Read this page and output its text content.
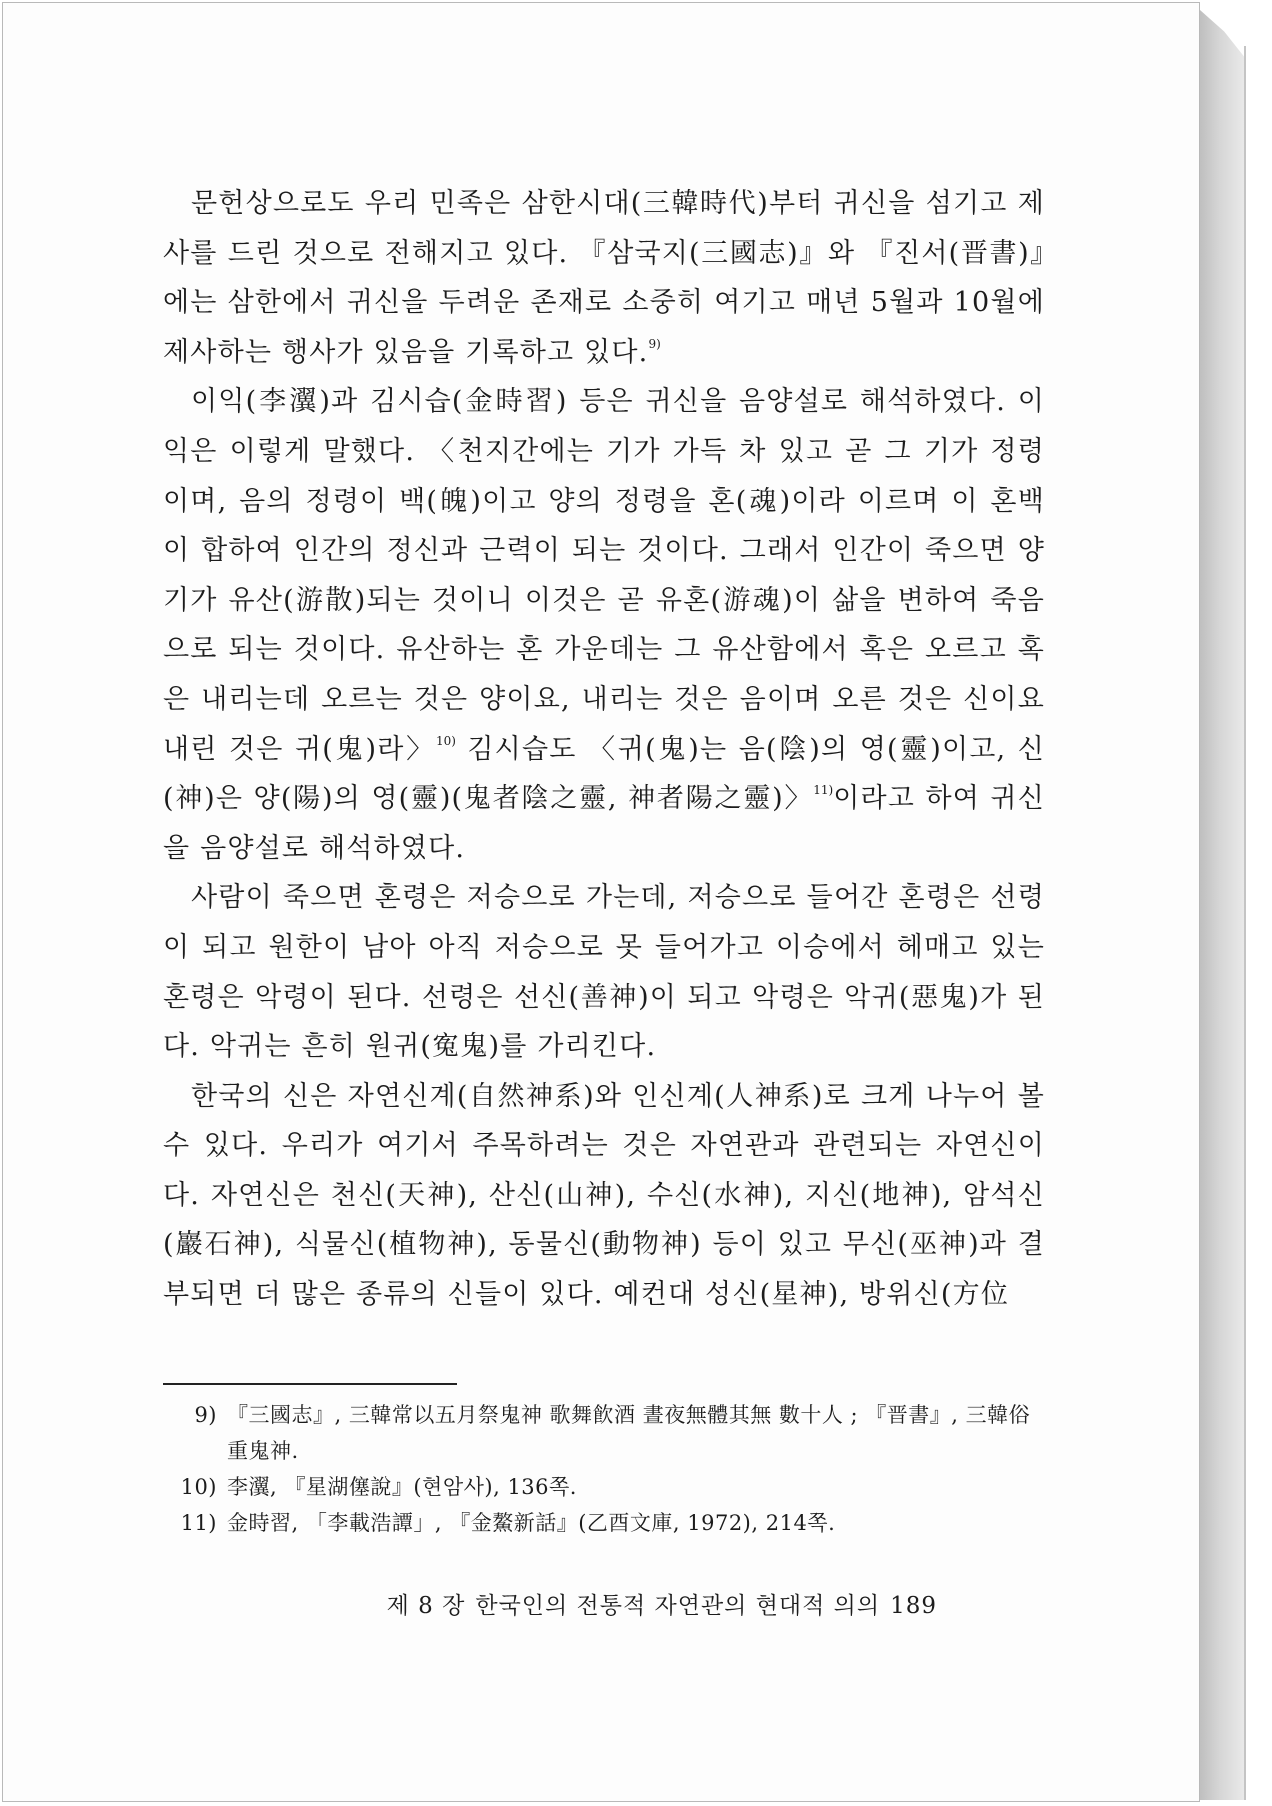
문헌상으로도 우리 민족은 삼한시대(三韓時代)부터 귀신을 섬기고 제사를 드린 것으로 전해지고 있다. 『삼국지(三國志)』와 『진서(晋書)』에는 삼한에서 귀신을 두려운 존재로 소중히 여기고 매년 5월과 10월에 제사하는 행사가 있음을 기록하고 있다.$^{9)}$

이익(李瀷)과 김시습(金時習) 등은 귀신을 음양설로 해석하였다. 이익은 이렇게 말했다. 〈천지간에는 기가 가득 차 있고 곧 그 기가 정령이며, 음의 정령이 백(魄)이고 양의 정령을 혼(魂)이라 이르며 이 혼백이 합하여 인간의 정신과 근력이 되는 것이다. 그래서 인간이 죽으면 양기가 유산(游散)되는 것이니 이것은 곧 유혼(游魂)이 삶을 변하여 죽음으로 되는 것이다. 유산하는 혼 가운데는 그 유산함에서 혹은 오르고 혹은 내리는데 오르는 것은 양이요, 내리는 것은 음이며 오른 것은 신이요 내린 것은 귀(鬼)라〉$^{10)}$ 김시습도 〈귀(鬼)는 음(陰)의 영(靈)이고, 신(神)은 양(陽)의 영(靈)(鬼者陰之靈, 神者陽之靈)〉$^{11)}$이라고 하여 귀신을 음양설로 해석하였다.

사람이 죽으면 혼령은 저승으로 가는데, 저승으로 들어간 혼령은 선령이 되고 원한이 남아 아직 저승으로 못 들어가고 이승에서 헤매고 있는 혼령은 악령이 된다. 선령은 선신(善神)이 되고 악령은 악귀(惡鬼)가 된다. 악귀는 흔히 원귀(寃鬼)를 가리킨다.

한국의 신은 자연신계(自然神系)와 인신계(人神系)로 크게 나누어 볼 수 있다. 우리가 여기서 주목하려는 것은 자연관과 관련되는 자연신이다. 자연신은 천신(天神), 산신(山神), 수신(水神), 지신(地神), 암석신(巖石神), 식물신(植物神), 동물신(動物神) 등이 있고 무신(巫神)과 결부되면 더 많은 종류의 신들이 있다. 예컨대 성신(星神), 방위신(方位

9) 『三國志』, 三韓常以五月祭鬼神 歌舞飮酒 晝夜無體其無 數十人 ; 『晋書』, 三韓俗重鬼神.
10) 李瀷, 『星湖僿說』(현암사), 136쪽.
11) 金時習, 「李載浩譚」, 『金鰲新話』(乙酉文庫, 1972), 214쪽.
제 8 장 한국인의 전통적 자연관의 현대적 의의 189
